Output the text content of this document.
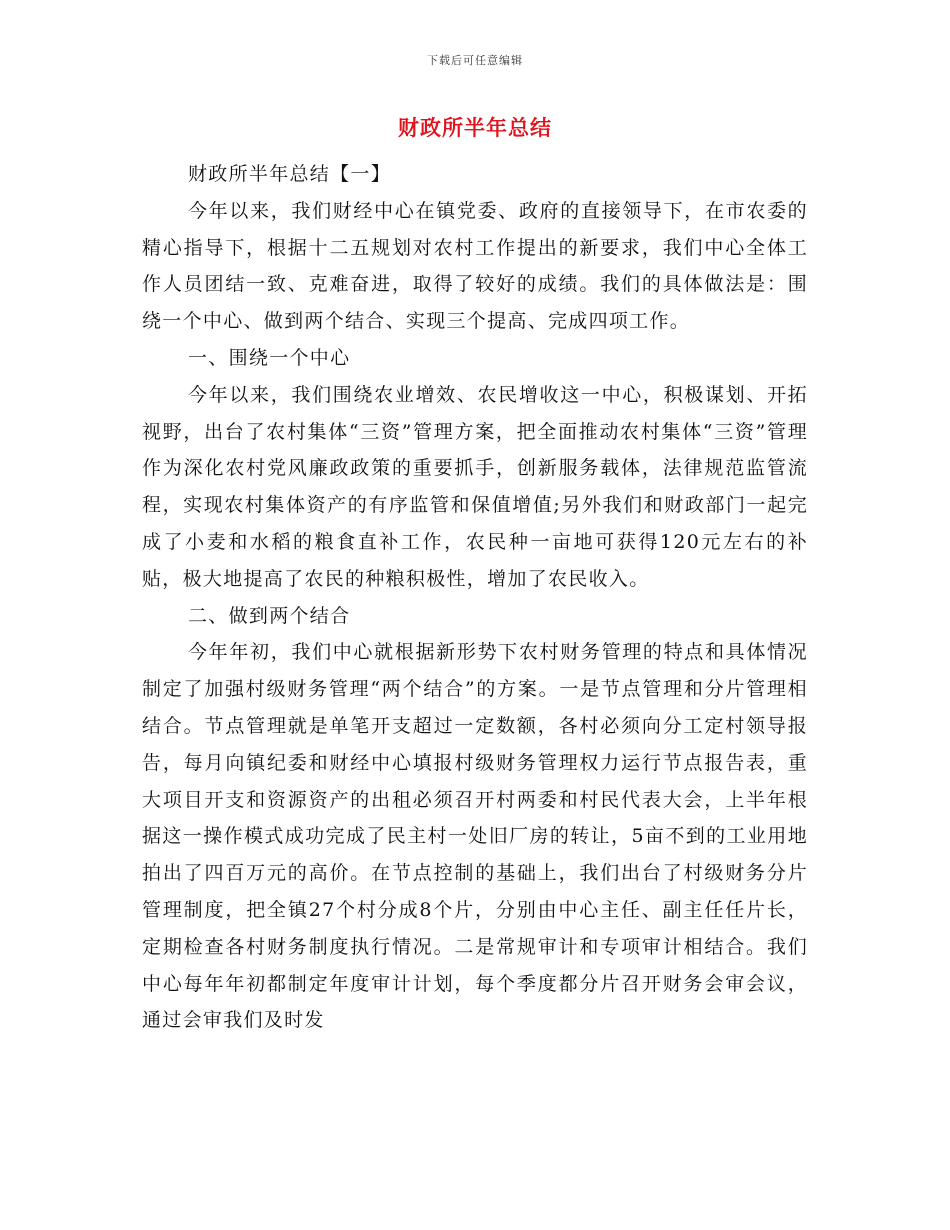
下载后可任意编辑
财政所半年总结

财政所半年总结【一】

今年以来，我们财经中心在镇党委、政府的直接领导下，在市农委的精心指导下，根据十二五规划对农村工作提出的新要求，我们中心全体工作人员团结一致、克难奋进，取得了较好的成绩。我们的具体做法是：围绕一个中心、做到两个结合、实现三个提高、完成四项工作。

一、围绕一个中心

今年以来，我们围绕农业增效、农民增收这一中心，积极谋划、开拓视野，出台了农村集体“三资”管理方案，把全面推动农村集体“三资”管理作为深化农村党风廉政政策的重要抓手，创新服务载体，法律规范监管流程，实现农村集体资产的有序监管和保值增值;另外我们和财政部门一起完成了小麦和水稻的粮食直补工作，农民种一亩地可获得120元左右的补贴，极大地提高了农民的种粮积极性，增加了农民收入。

二、做到两个结合

今年年初，我们中心就根据新形势下农村财务管理的特点和具体情况制定了加强村级财务管理“两个结合”的方案。一是节点管理和分片管理相结合。节点管理就是单笔开支超过一定数额，各村必须向分工定村领导报告，每月向镇纪委和财经中心填报村级财务管理权力运行节点报告表，重大项目开支和资源资产的出租必须召开村两委和村民代表大会，上半年根据这一操作模式成功完成了民主村一处旧厂房的转让，5亩不到的工业用地拍出了四百万元的高价。在节点控制的基础上，我们出台了村级财务分片管理制度，把全镇27个村分成8个片，分别由中心主任、副主任任片长，定期检查各村财务制度执行情况。二是常规审计和专项审计相结合。我们中心每年年初都制定年度审计计划，每个季度都分片召开财务会审会议，通过会审我们及时发
